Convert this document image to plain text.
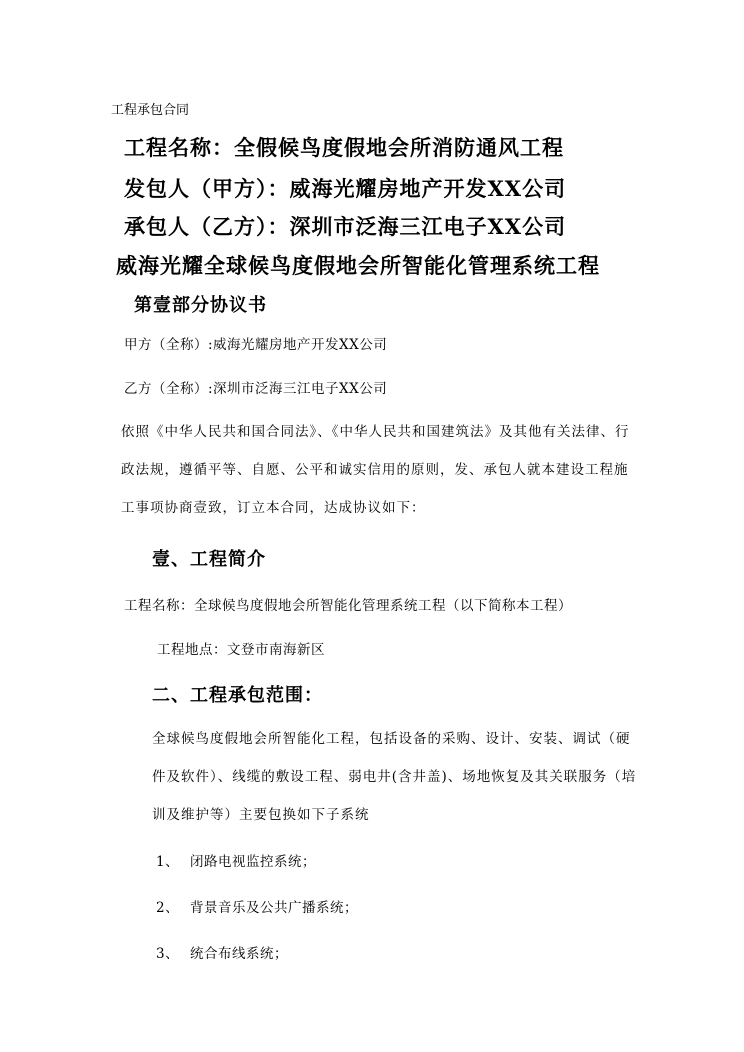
工程承包合同
工程名称：全假候鸟度假地会所消防通风工程
发包人（甲方）：威海光耀房地产开发XX公司
承包人（乙方）：深圳市泛海三江电子XX公司
威海光耀全球候鸟度假地会所智能化管理系统工程
第壹部分协议书
甲方（全称）:威海光耀房地产开发XX公司
乙方（全称）:深圳市泛海三江电子XX公司
依照《中华人民共和国合同法》、《中华人民共和国建筑法》及其他有关法律、行政法规，遵循平等、自愿、公平和诚实信用的原则，发、承包人就本建设工程施工事项协商壹致，订立本合同，达成协议如下：
壹、工程简介
工程名称：全球候鸟度假地会所智能化管理系统工程（以下简称本工程）
工程地点：文登市南海新区
二、工程承包范围：
全球候鸟度假地会所智能化工程，包括设备的采购、设计、安装、调试（硬件及软件）、线缆的敷设工程、弱电井(含井盖)、场地恢复及其关联服务（培训及维护等）主要包换如下子系统
1、 闭路电视监控系统；
2、 背景音乐及公共广播系统；
3、 统合布线系统；
